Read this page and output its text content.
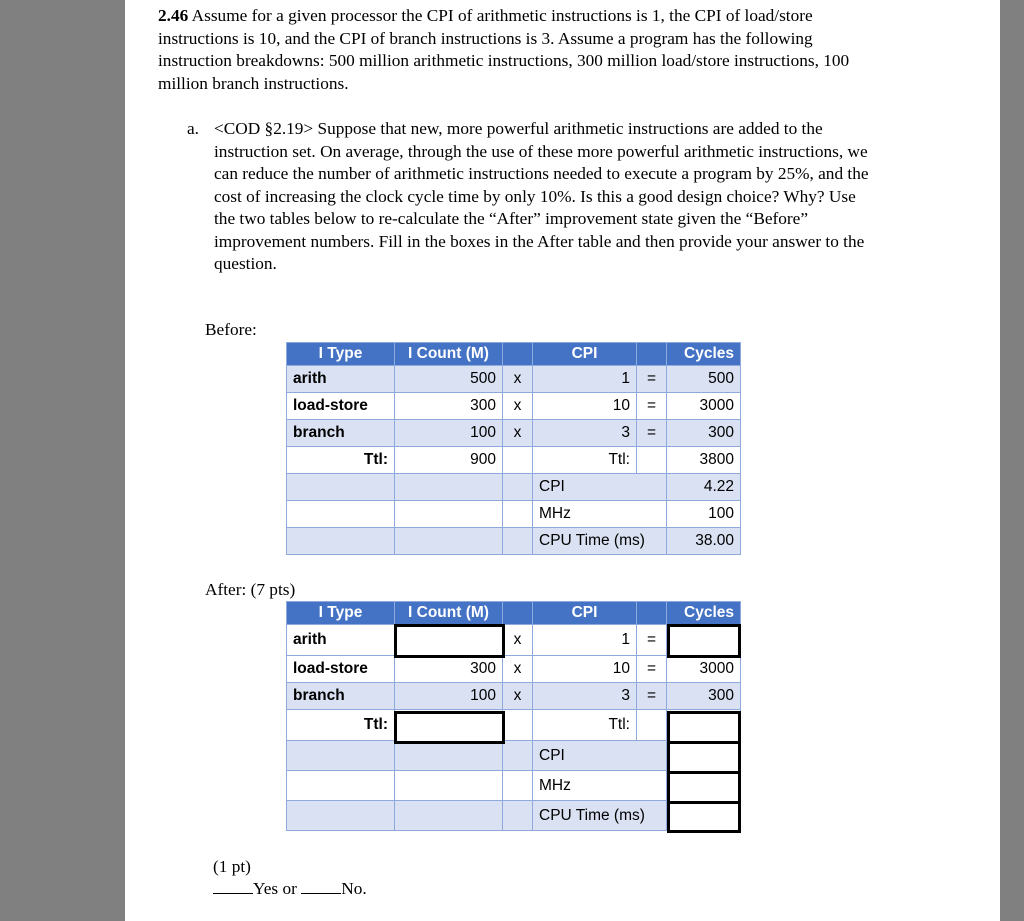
2.46 Assume for a given processor the CPI of arithmetic instructions is 1, the CPI of load/store instructions is 10, and the CPI of branch instructions is 3. Assume a program has the following instruction breakdowns: 500 million arithmetic instructions, 300 million load/store instructions, 100 million branch instructions.
a. <COD §2.19> Suppose that new, more powerful arithmetic instructions are added to the instruction set. On average, through the use of these more powerful arithmetic instructions, we can reduce the number of arithmetic instructions needed to execute a program by 25%, and the cost of increasing the clock cycle time by only 10%. Is this a good design choice? Why? Use the two tables below to re-calculate the “After” improvement state given the “Before” improvement numbers. Fill in the boxes in the After table and then provide your answer to the question.
Before:
I Type	I Count (M)		CPI		Cycles
arith	500	x	1	=	500
load-store	300	x	10	=	3000
branch	100	x	3	=	300
Ttl:	900		Ttl:		3800
			CPI		4.22
			MHz		100
			CPU Time (ms)		38.00
After: (7 pts)
I Type	I Count (M)		CPI		Cycles
arith		x	1	=	
load-store	300	x	10	=	3000
branch	100	x	3	=	300
Ttl:			Ttl:		
			CPI		
			MHz		
			CPU Time (ms)		
(1 pt)
Yes or	No.
